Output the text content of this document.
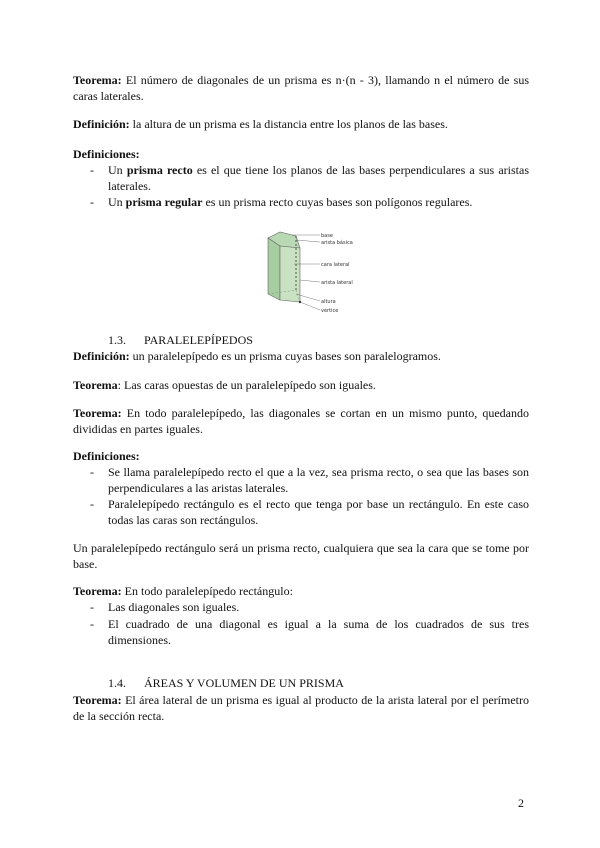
Teorema: El número de diagonales de un prisma es n·(n - 3), llamando n el número de sus caras laterales.

Definición: la altura de un prisma es la distancia entre los planos de las bases.

Definiciones:

- Un prisma recto es el que tiene los planos de las bases perpendiculares a sus aristas laterales.
- Un prisma regular es un prisma recto cuyas bases son polígonos regulares.
base
arista básica
cara lateral
arista lateral
altura
vértice
1.3. PARALELEPÍPEDOS

Definición: un paralelepípedo es un prisma cuyas bases son paralelogramos.

Teorema: Las caras opuestas de un paralelepípedo son iguales.

Teorema: En todo paralelepípedo, las diagonales se cortan en un mismo punto, quedando divididas en partes iguales.

Definiciones:

- Se llama paralelepípedo recto el que a la vez, sea prisma recto, o sea que las bases son perpendiculares a las aristas laterales.
- Paralelepípedo rectángulo es el recto que tenga por base un rectángulo. En este caso todas las caras son rectángulos.

Un paralelepípedo rectángulo será un prisma recto, cualquiera que sea la cara que se tome por base.

Teorema: En todo paralelepípedo rectángulo:

- Las diagonales son iguales.
- El cuadrado de una diagonal es igual a la suma de los cuadrados de sus tres dimensiones.
1.4. ÁREAS Y VOLUMEN DE UN PRISMA

Teorema: El área lateral de un prisma es igual al producto de la arista lateral por el perímetro de la sección recta.

2
